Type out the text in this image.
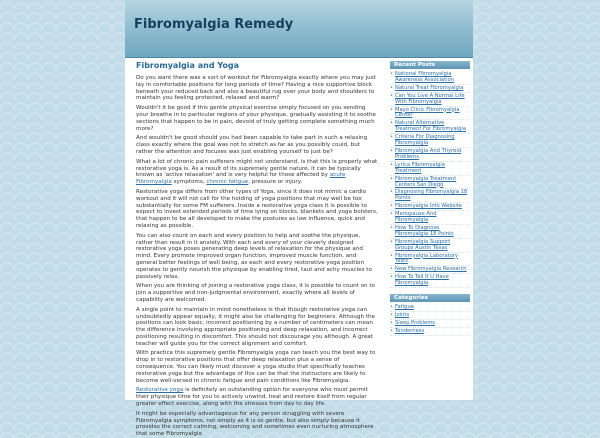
Fibromyalgia Remedy
Fibromyalgia and Yoga

Do you want there was a sort of workout for Fibromyalgia exactly where you may just lay in comfortable positions for long periods of time? Having a nice supportive block beneath your reduced back and also a beautiful rug over your body and shoulders to maintain you feeling protected, relaxed and warm?

Wouldn't it be good if this gentle physical exercise simply focused on you sending your breathe in to particular regions of your physique, gradually assisting it to soothe sections that happen to be in pain, devoid of truly getting complete something much more?

And wouldn't be good should you had been capable to take part in such a relaxing class exactly where the goal was not to stretch as far as you possibly could, but rather the attention and focuses was just enabling yourself to just be?

What a lot of chronic pain sufferers might not understand, is that this is properly what restorative yoga is. As a result of its supremely gentle nature, it can be typically known as 'active relaxation' and is very helpful for those affected by acute Fibromyalgia symptoms, chronic fatigue, pressure or injury.

Restorative yoga differs from other types of Yoga, since it does not mimic a cardio workout and it will not call for the holding of yoga positions that may well be too substantially for some FM sufferers. Inside a restorative yoga class it is possible to expect to invest extended periods of time lying on blocks, blankets and yoga bolsters, that happen to be all developed to make the postures as low influence, quick and relaxing as possible.

You can also count on each and every position to help and soothe the physique, rather than result in it anxiety. With each and every of your cleverly designed restorative yoga poses generating deep levels of relaxation for the physique and mind. Every promote improved organ function, improved muscle function, and general better feelings of well being, as each and every restorative yoga position operates to gently nourish the physique by enabling tired, taut and achy muscles to passively relax.

When you are thinking of joining a restorative yoga class, it is possible to count on to join a supportive and non-judgmental environment, exactly where all levels of capability are welcomed.

A single point to maintain in mind nonetheless is that though restorative yoga can undoubtedly appear equally, it might also be challenging for beginners. Although the positions can look basic, incorrect positioning by a number of centimeters can mean the difference involving appropriate positioning and deep relaxation, and incorrect positioning resulting in discomfort. This should not discourage you although. A great teacher will guide you for the correct alignment and comfort.

With practice this supremely gentle Fibromyalgia yoga can teach you the best way to drop in to restorative positions that offer deep relaxation plus a sense of consequence. You can likely must discover a yoga studio that specifically teaches restorative yoga but the advantage of this can be that the instructors are likely to become well-versed in chronic fatigue and pain conditions like Fibromyalgia.

Restorative yoga is definitely an outstanding option for everyone who must permit their physique time for you to actively unwind, heal and restore itself from regular greater effect exercise, along with the stresses from day to day life.

It might be especially advantageous for any person struggling with severe Fibromyalgia symptoms, not simply as it is so gentle, but also simply because it provides the correct calming, welcoming and sometimes even nurturing atmosphere that some Fibromyalgia

Recent Posts
• National Fibromyalgia Awareness Association
• Natural Treat Fibromyalgia
• Can You Live A Normal Life With Fibromyalgia
• Mayo Clinic Fibromyalgia Center
• Natural Alternative Treatment For Fibromyalgia
• Criteria For Diagnosing Fibromyalgia
• Fibromyalgia And Thyroid Problems
• Lyrica Fibromyalgia Treatment
• Fibromyalgia Treatment Centers San Diego
• Diagnosing Fibromyalgia 18 Points
• Fibromyalgia Info Website
• Menopause And Fibromyalgia
• How To Diagnose Fibromyalgia 18 Points
• Fibromyalgia Support Groups Austin Texas
• Fibromyalgia Laboratory Tests
• New Fibromyalgia Research
• How To Tell If U Have Fibromyalgia
Categories
• Fatigue
• Joints
• Sleep Problems
• Tenderness
